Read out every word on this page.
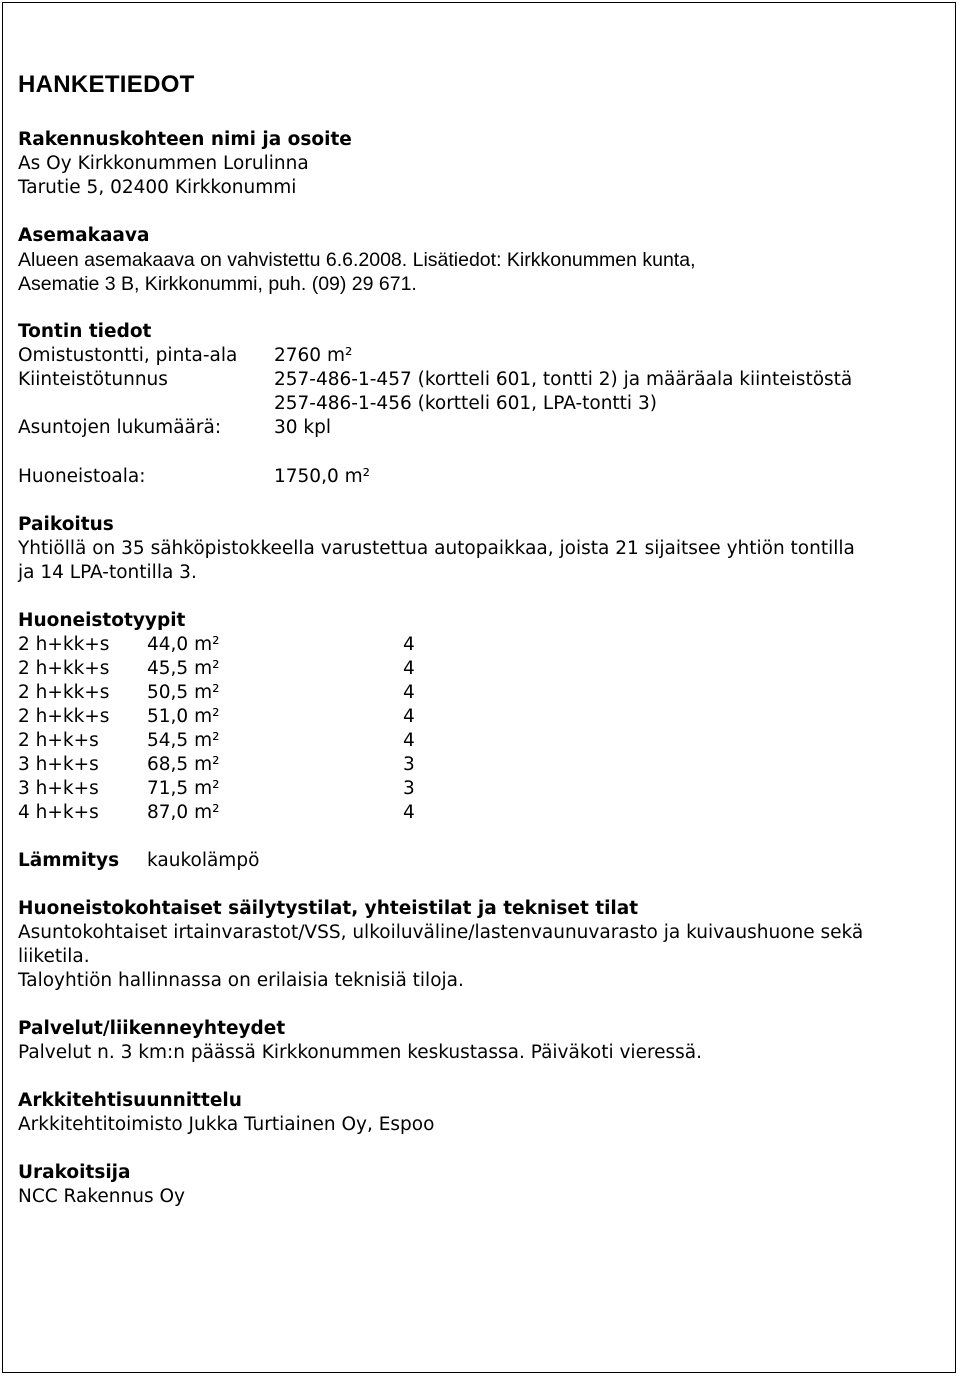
HANKETIEDOT
Rakennuskohteen nimi ja osoite
As Oy Kirkkonummen Lorulinna
Tarutie 5, 02400 Kirkkonummi
Asemakaava
Alueen asemakaava on vahvistettu 6.6.2008. Lisätiedot: Kirkkonummen kunta,
Asematie 3 B, Kirkkonummi, puh. (09) 29 671.
Tontin tiedot
Omistustontti, pinta-ala 2760 m²
Kiinteistötunnus	257-486-1-457 (kortteli 601, tontti 2) ja määräala kiinteistöstä
257-486-1-456 (kortteli 601, LPA-tontti 3)
Asuntojen lukumäärä:	30 kpl
Huoneistoala:	1750,0 m²
Paikoitus
Yhtiöllä on 35 sähköpistokkeella varustettua autopaikkaa, joista 21 sijaitsee yhtiön tontilla
ja 14 LPA-tontilla 3.
Huoneistotyypit
2 h+kk+s 44,0 m²	4
2 h+kk+s 45,5 m²	4
2 h+kk+s 50,5 m²	4
2 h+kk+s 51,0 m²	4
2 h+k+s	54,5 m²	4
3 h+k+s	68,5 m²	3
3 h+k+s	71,5 m²	3
4 h+k+s	87,0 m²	4
Lämmitys kaukolämpö
Huoneistokohtaiset säilytystilat, yhteistilat ja tekniset tilat
Asuntokohtaiset irtainvarastot/VSS, ulkoiluväline/lastenvaunuvarasto ja kuivaushuone sekä
liiketila.
Taloyhtiön hallinnassa on erilaisia teknisiä tiloja.
Palvelut/liikenneyhteydet
Palvelut n. 3 km:n päässä Kirkkonummen keskustassa. Päiväkoti vieressä.
Arkkitehtisuunnittelu
Arkkitehtitoimisto Jukka Turtiainen Oy, Espoo
Urakoitsija
NCC Rakennus Oy
